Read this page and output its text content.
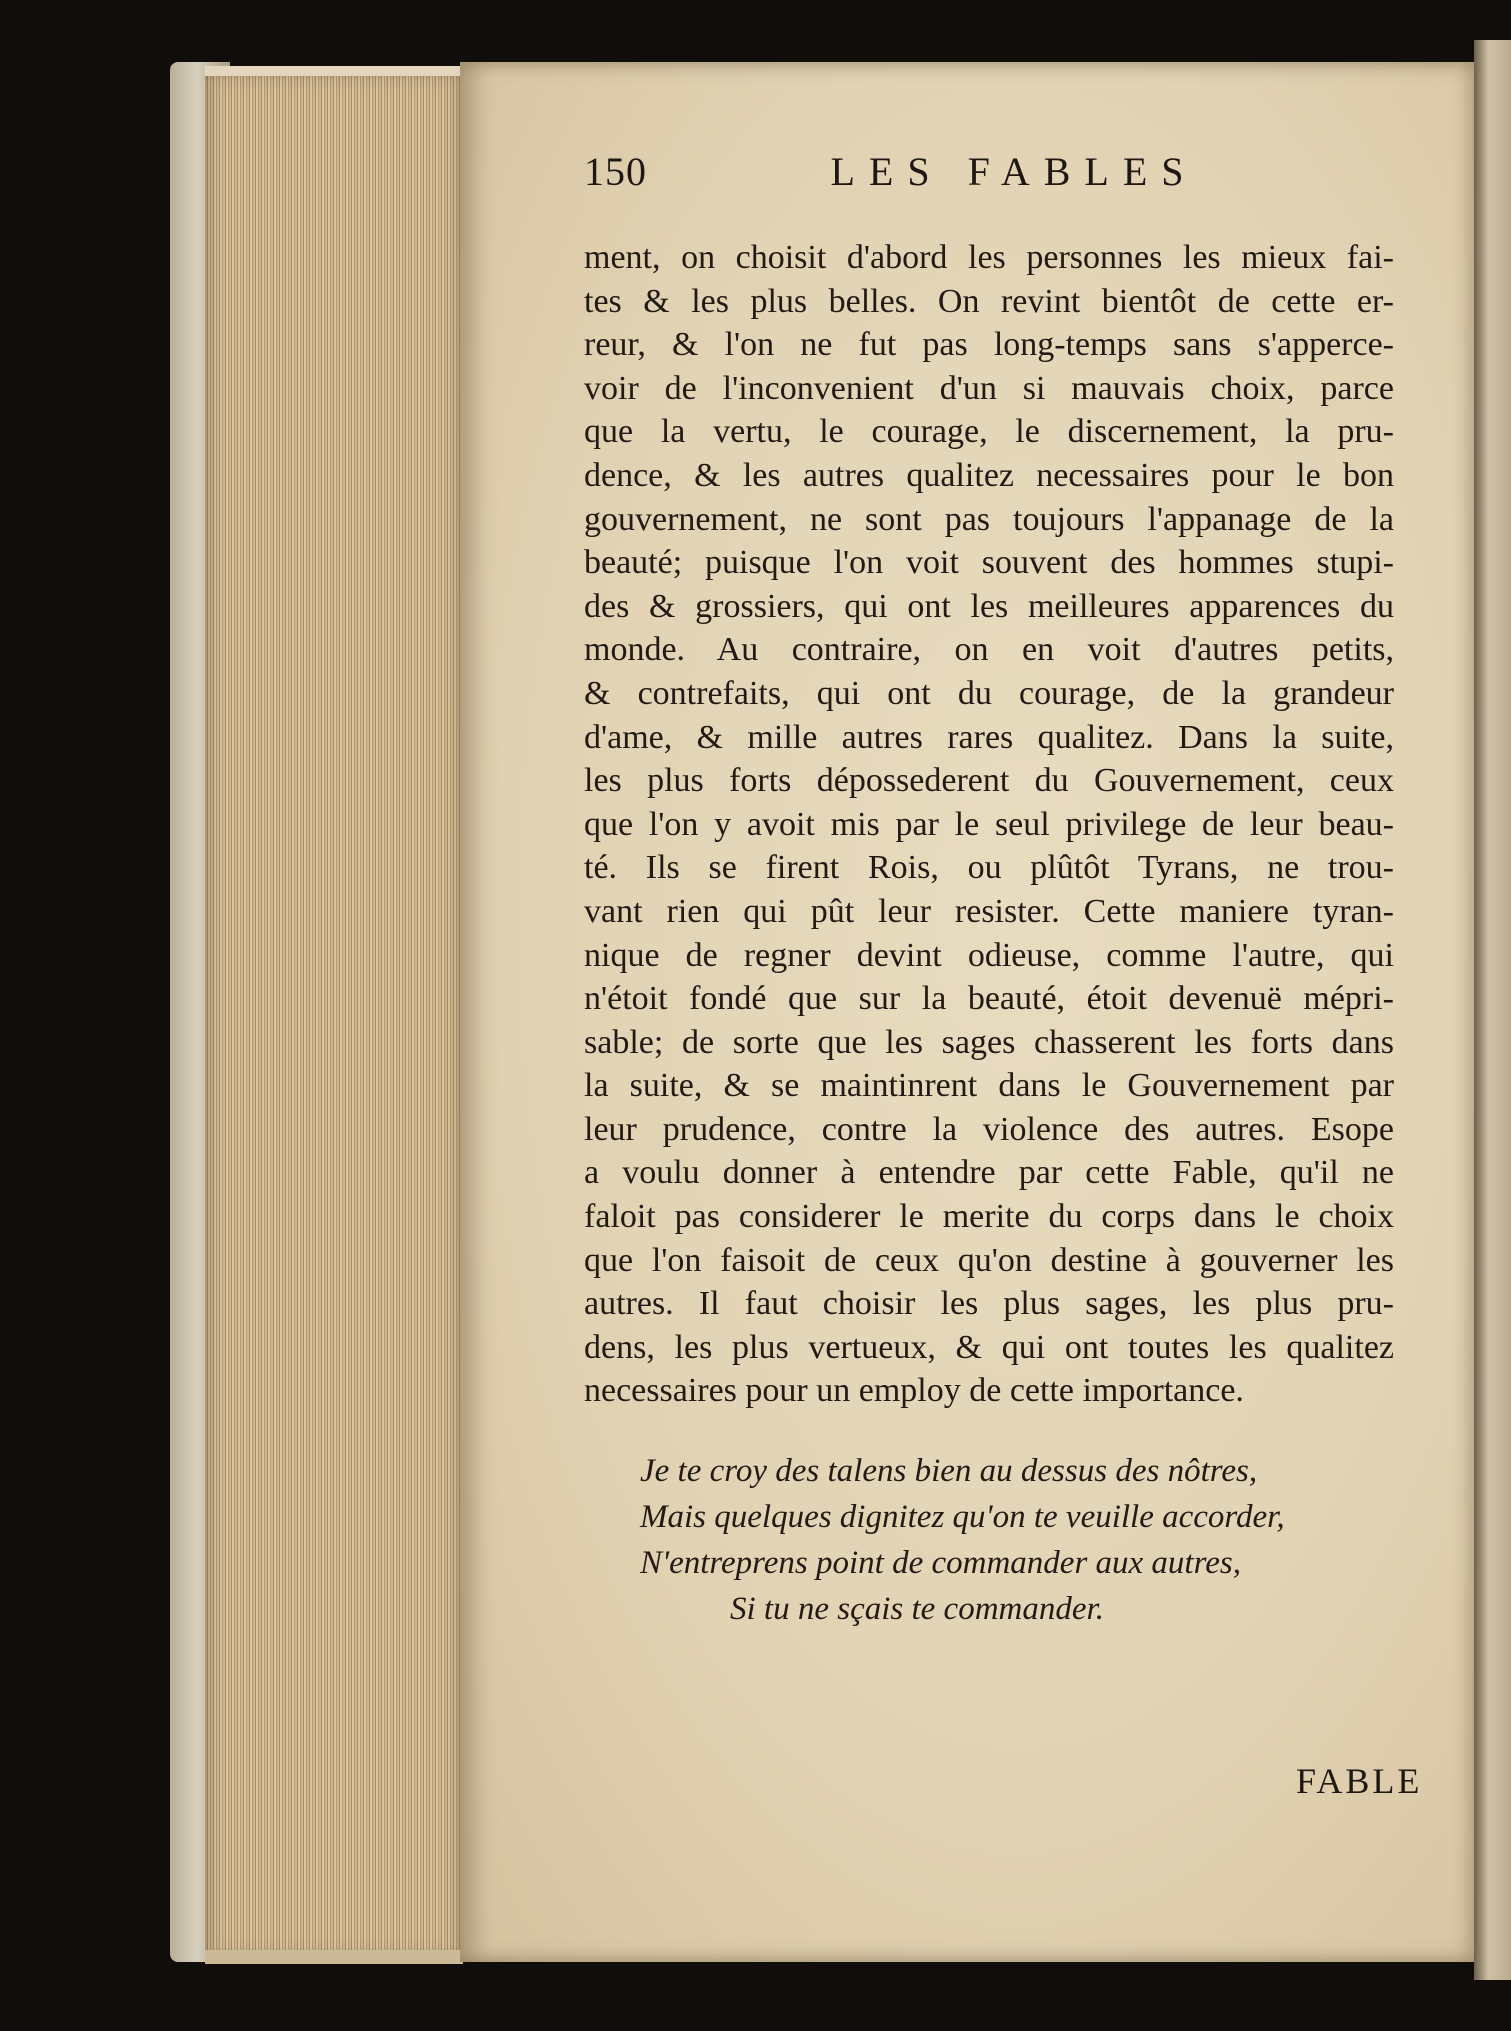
150	LES FABLES
ment, on choisit d'abord les personnes les mieux fai-
tes & les plus belles. On revint bientôt de cette er-
reur, & l'on ne fut pas long-temps sans s'apperce-
voir de l'inconvenient d'un si mauvais choix, parce
que la vertu, le courage, le discernement, la pru-
dence, & les autres qualitez necessaires pour le bon
gouvernement, ne sont pas toujours l'appanage de la
beauté; puisque l'on voit souvent des hommes stupi-
des & grossiers, qui ont les meilleures apparences du
monde. Au contraire, on en voit d'autres petits,
& contrefaits, qui ont du courage, de la grandeur
d'ame, & mille autres rares qualitez. Dans la suite,
les plus forts dépossederent du Gouvernement, ceux
que l'on y avoit mis par le seul privilege de leur beau-
té. Ils se firent Rois, ou plûtôt Tyrans, ne trou-
vant rien qui pût leur resister. Cette maniere tyran-
nique de regner devint odieuse, comme l'autre, qui
n'étoit fondé que sur la beauté, étoit devenuë mépri-
sable; de sorte que les sages chasserent les forts dans
la suite, & se maintinrent dans le Gouvernement par
leur prudence, contre la violence des autres. Esope
a voulu donner à entendre par cette Fable, qu'il ne
faloit pas considerer le merite du corps dans le choix
que l'on faisoit de ceux qu'on destine à gouverner les
autres. Il faut choisir les plus sages, les plus pru-
dens, les plus vertueux, & qui ont toutes les qualitez
necessaires pour un employ de cette importance.
Je te croy des talens bien au dessus des nôtres,
Mais quelques dignitez qu'on te veuille accorder,
N'entreprens point de commander aux autres,
Si tu ne sçais te commander.
FABLE
